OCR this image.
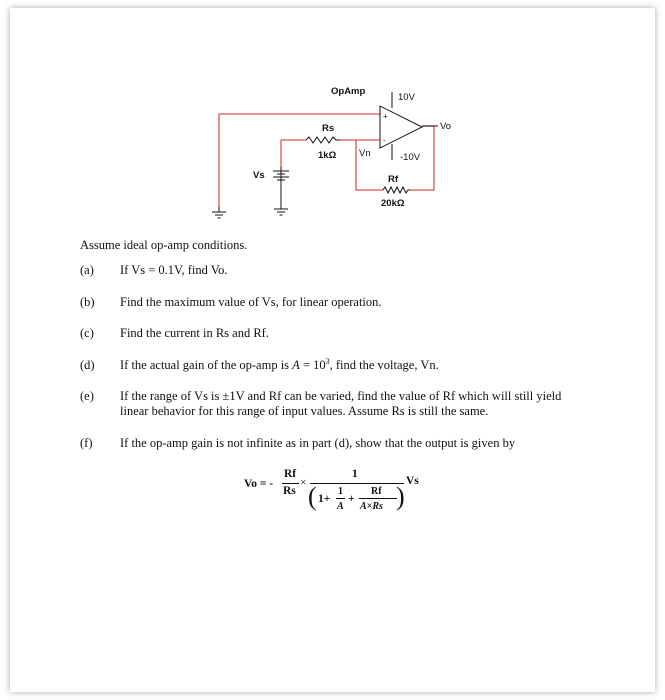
OpAmp
10V
-10V
+
-
Rs
1kΩ Vn
Rf
20kΩ
Vo
Vs
Assume ideal op-amp conditions.
(a)	If Vs = 0.1V, find Vo.
(b)	Find the maximum value of Vs, for linear operation.
(c)	Find the current in Rs and Rf.
(d)	If the actual gain of the op-amp is $A = 10^3$, find the voltage, Vn.
(e)	If the range of Vs is ±1V and Rf can be varied, find the value of Rf which will still yield linear behavior for this range of input values. Assume Rs is still the same.
(f)	If the op-amp gain is not infinite as in part (d), show that the output is given by
Vo = -
Rf
Rs
×
1
( 1+
1
A
+
Rf
A×Rs )
Vs
